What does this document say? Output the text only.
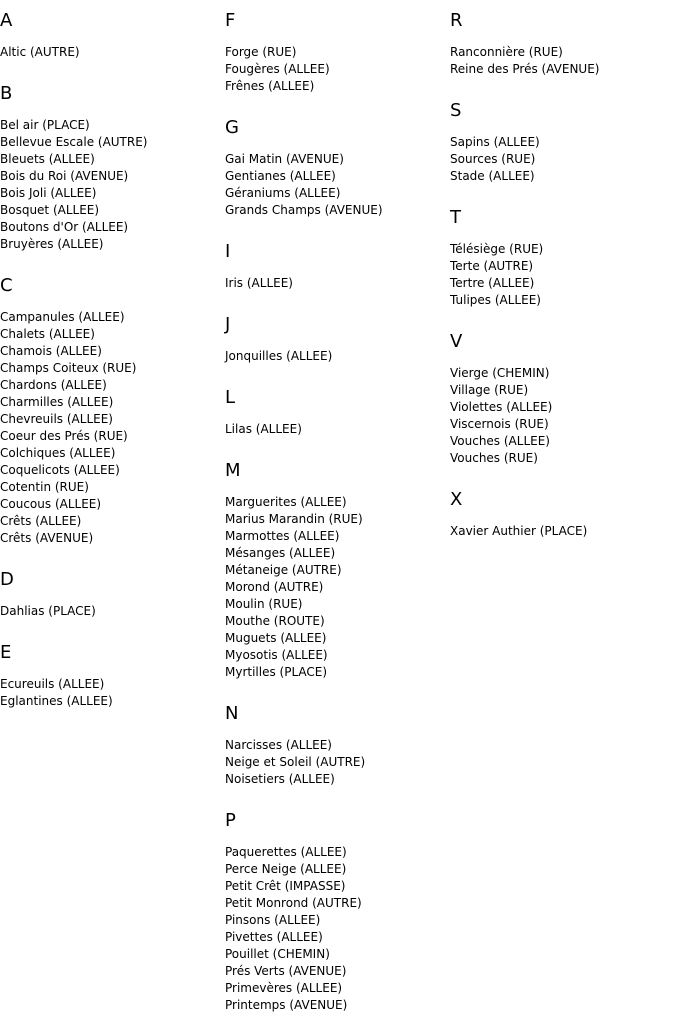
A
Altic (AUTRE)
B
Bel air (PLACE)
Bellevue Escale (AUTRE)
Bleuets (ALLEE)
Bois du Roi (AVENUE)
Bois Joli (ALLEE)
Bosquet (ALLEE)
Boutons d'Or (ALLEE)
Bruyères (ALLEE)
C
Campanules (ALLEE)
Chalets (ALLEE)
Chamois (ALLEE)
Champs Coiteux (RUE)
Chardons (ALLEE)
Charmilles (ALLEE)
Chevreuils (ALLEE)
Coeur des Prés (RUE)
Colchiques (ALLEE)
Coquelicots (ALLEE)
Cotentin (RUE)
Coucous (ALLEE)
Crêts (ALLEE)
Crêts (AVENUE)
D
Dahlias (PLACE)
E
Ecureuils (ALLEE)
Eglantines (ALLEE)
F
Forge (RUE)
Fougères (ALLEE)
Frênes (ALLEE)
G
Gai Matin (AVENUE)
Gentianes (ALLEE)
Géraniums (ALLEE)
Grands Champs (AVENUE)
I
Iris (ALLEE)
J
Jonquilles (ALLEE)
L
Lilas (ALLEE)
M
Marguerites (ALLEE)
Marius Marandin (RUE)
Marmottes (ALLEE)
Mésanges (ALLEE)
Métaneige (AUTRE)
Morond (AUTRE)
Moulin (RUE)
Mouthe (ROUTE)
Muguets (ALLEE)
Myosotis (ALLEE)
Myrtilles (PLACE)
N
Narcisses (ALLEE)
Neige et Soleil (AUTRE)
Noisetiers (ALLEE)
P
Paquerettes (ALLEE)
Perce Neige (ALLEE)
Petit Crêt (IMPASSE)
Petit Monrond (AUTRE)
Pinsons (ALLEE)
Pivettes (ALLEE)
Pouillet (CHEMIN)
Prés Verts (AVENUE)
Primevères (ALLEE)
Printemps (AVENUE)
R
Ranconnière (RUE)
Reine des Prés (AVENUE)
S
Sapins (ALLEE)
Sources (RUE)
Stade (ALLEE)
T
Télésiège (RUE)
Terte (AUTRE)
Tertre (ALLEE)
Tulipes (ALLEE)
V
Vierge (CHEMIN)
Village (RUE)
Violettes (ALLEE)
Viscernois (RUE)
Vouches (ALLEE)
Vouches (RUE)
X
Xavier Authier (PLACE)
